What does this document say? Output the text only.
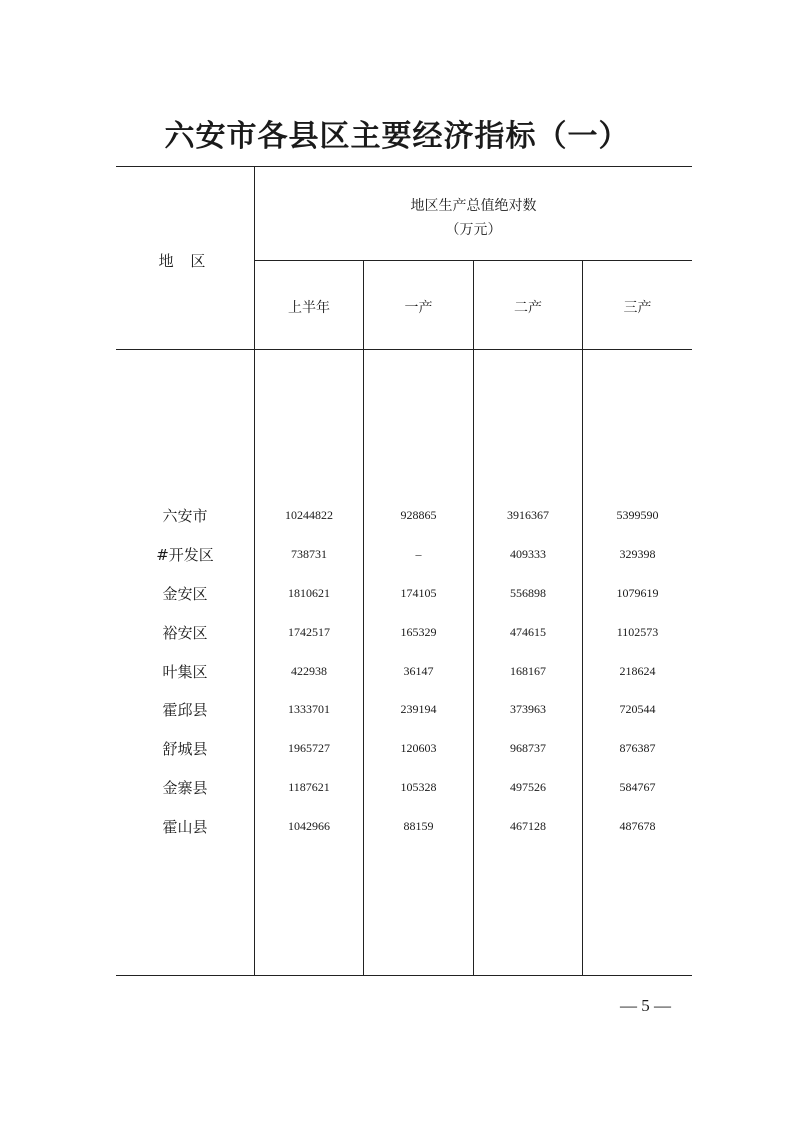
六安市各县区主要经济指标（一）
地 区
地区生产总值绝对数
（万元）
上半年	一产	二产	三产
六安市	10244822	928865	3916367	5399590
#开发区	738731	–	409333	329398
金安区	1810621	174105	556898	1079619
裕安区	1742517	165329	474615	1102573
叶集区	422938	36147	168167	218624
霍邱县	1333701	239194	373963	720544
舒城县	1965727	120603	968737	876387
金寨县	1187621	105328	497526	584767
霍山县	1042966	88159	467128	487678
— 5 —
